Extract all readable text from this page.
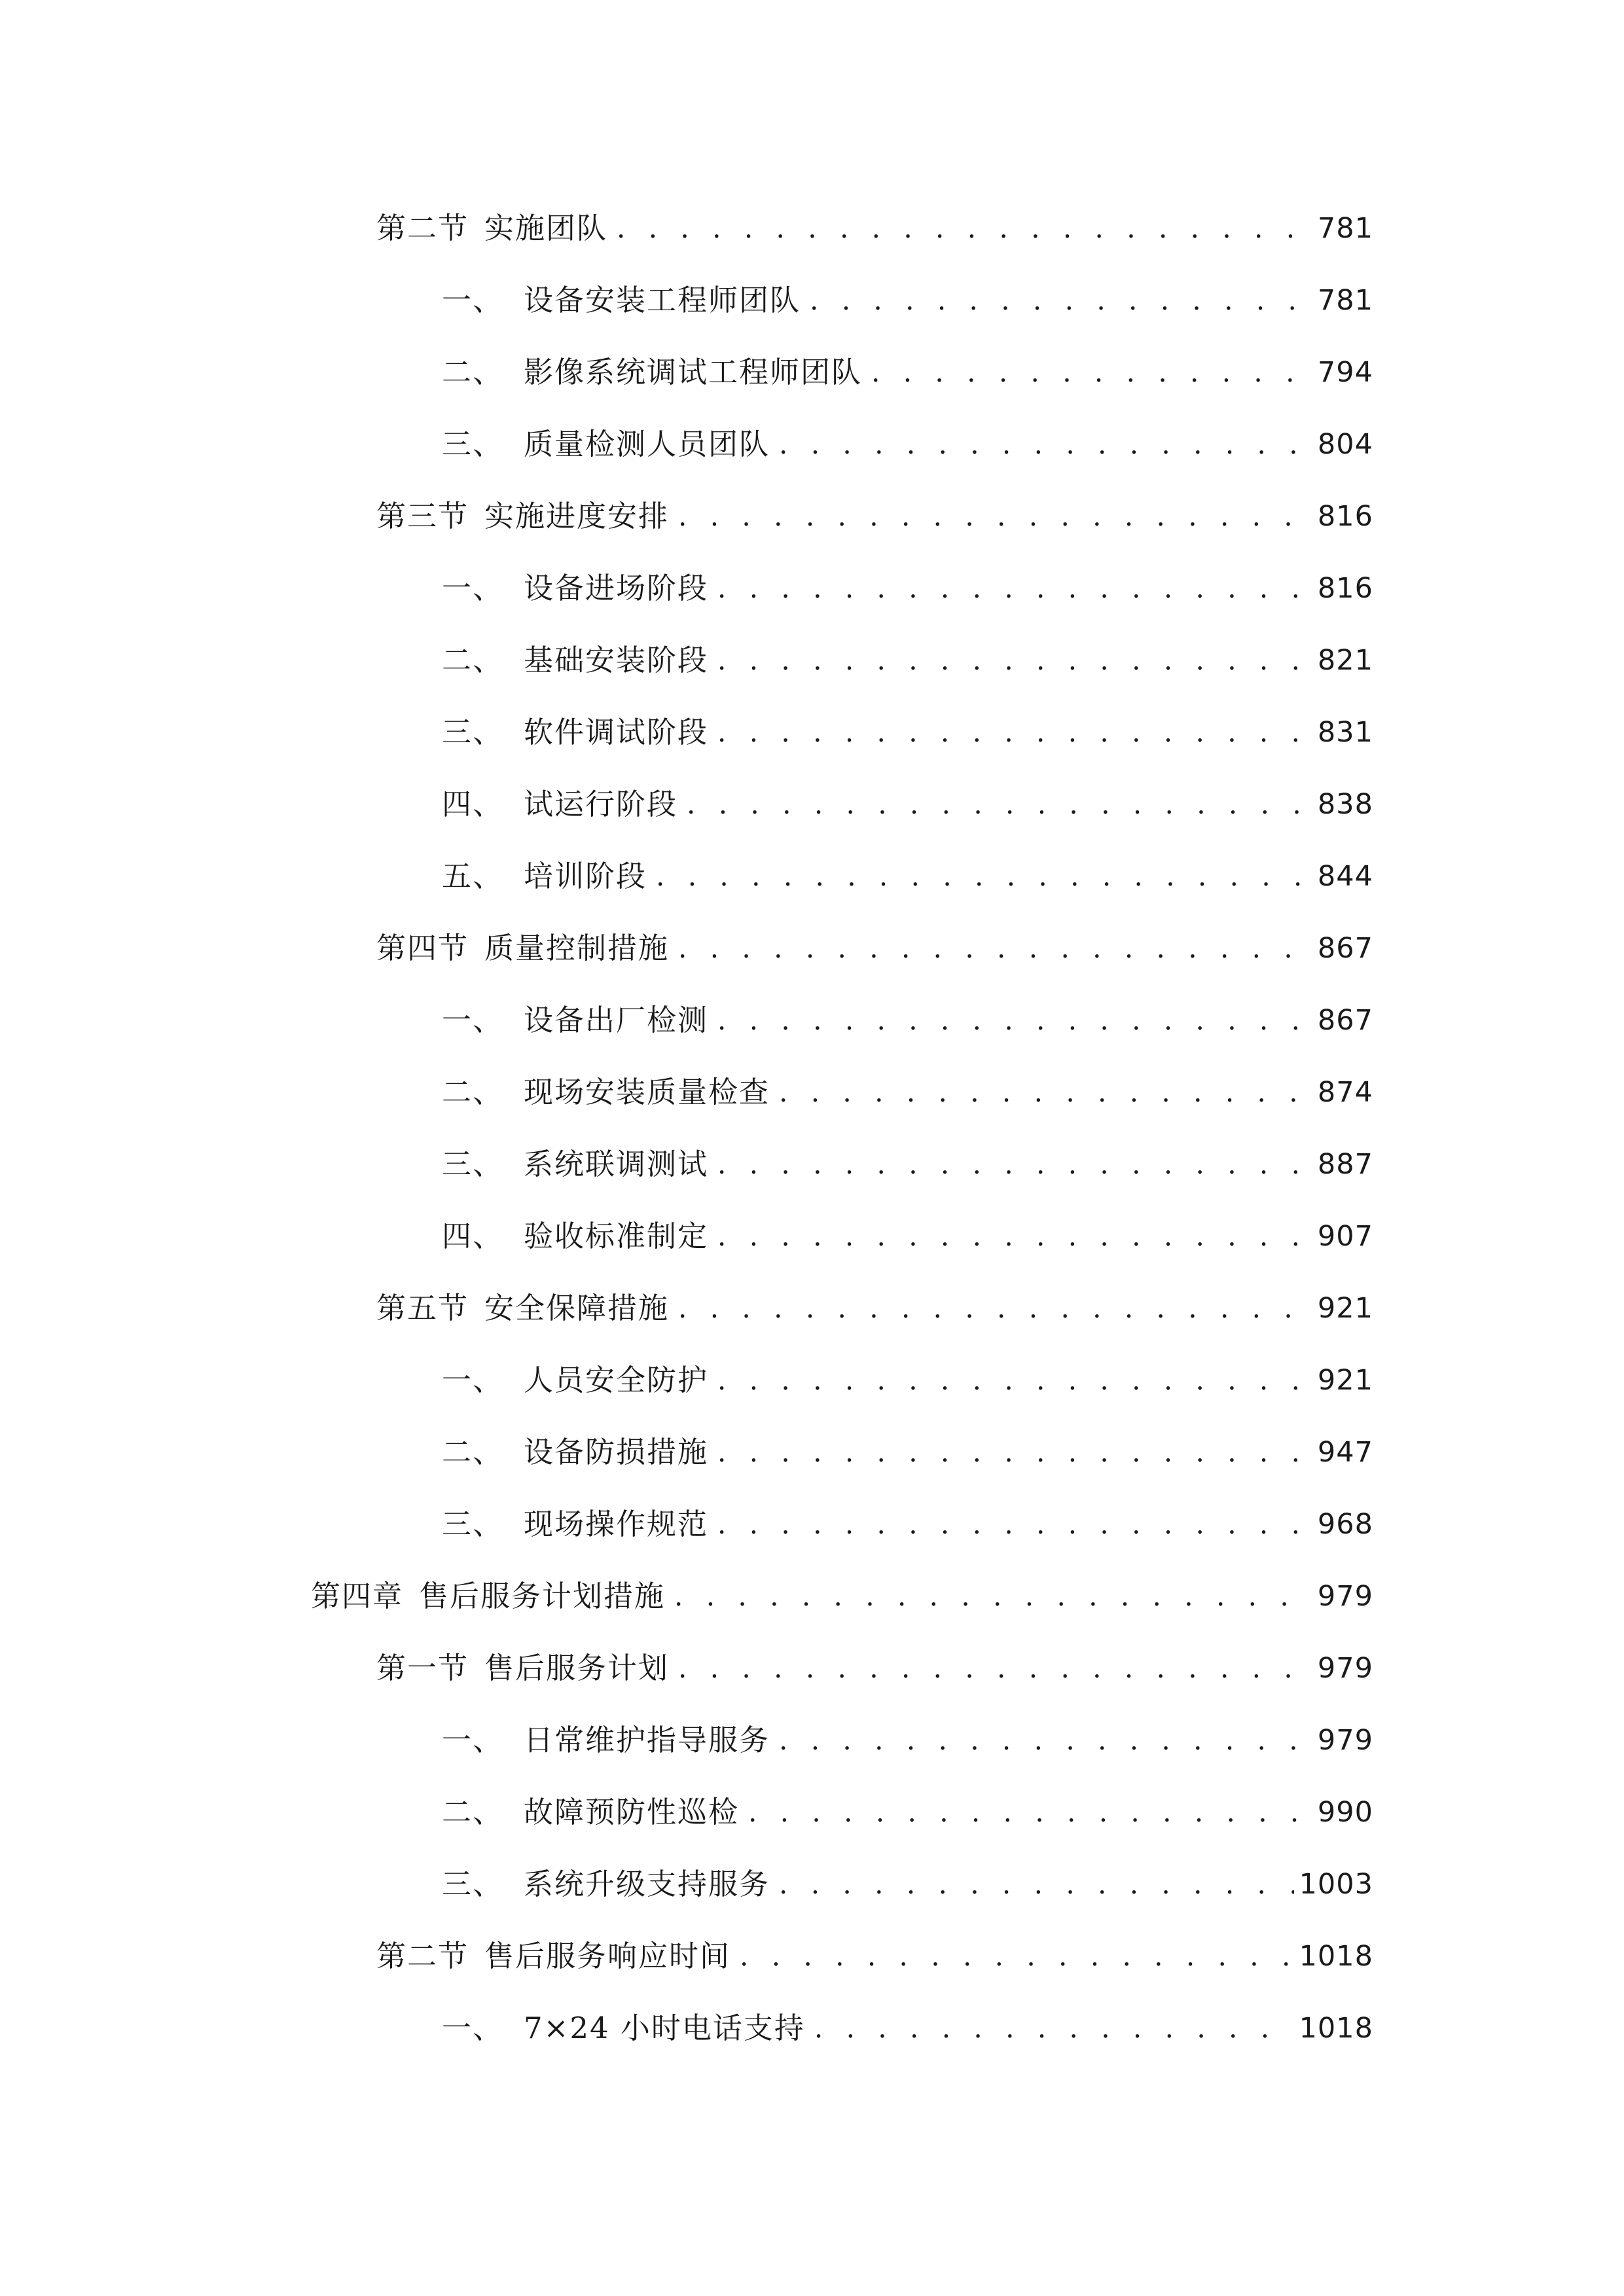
第二节 实施团队 . . .	781
一、 设备安装工程师团队 . . .	781
二、 影像系统调试工程师团队 . . .	794
三、 质量检测人员团队 . . .	804
第三节 实施进度安排 . . .	816
一、 设备进场阶段 . . .	816
二、 基础安装阶段 . . .	821
三、 软件调试阶段 . . .	831
四、 试运行阶段 . . .	838
五、 培训阶段 . . .	844
第四节 质量控制措施 . . .	867
一、 设备出厂检测 . . .	867
二、 现场安装质量检查 . . .	874
三、 系统联调测试 . . .	887
四、 验收标准制定 . . .	907
第五节 安全保障措施 . . .	921
一、 人员安全防护 . . .	921
二、 设备防损措施 . . .	947
三、 现场操作规范 . . .	968
第四章 售后服务计划措施 . . .	979
第一节 售后服务计划 . . .	979
一、 日常维护指导服务 . . .	979
二、 故障预防性巡检 . . .	990
三、 系统升级支持服务 . . .	1003
第二节 售后服务响应时间 . . .	1018
一、 7×24 小时电话支持 . . .	1018
